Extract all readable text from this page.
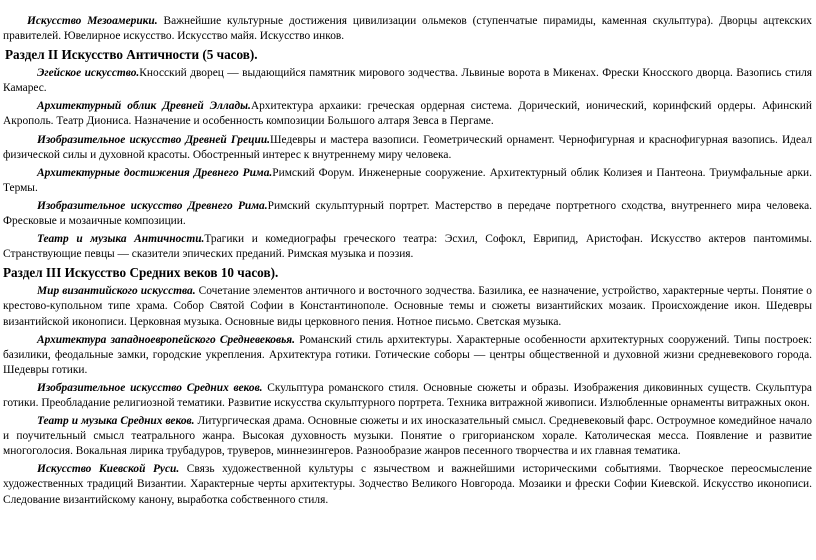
Искусство Мезоамерики. Важнейшие культурные достижения цивилизации ольмеков (ступенчатые пирамиды, каменная скульптура). Дворцы ацтекских правителей. Ювелирное искусство. Искусство майя. Искусство инков.

Раздел II Искусство Античности (5 часов).

Эгейское искусство.Кносский дворец — выдающийся памятник мирового зодчества. Львиные ворота в Микенах. Фрески Кносского дворца. Вазопись стиля Камарес.

Архитектурный облик Древней Эллады.Архитектура архаики: греческая ордерная система. Дорический, ионический, коринфский ордеры. Афинский Акрополь. Театр Диониса. Назначение и особенность композиции Большого алтаря Зевса в Пергаме.

Изобразительное искусство Древней Греции.Шедевры и мастера вазописи. Геометрический орнамент. Чернофигурная и краснофигурная вазопись. Идеал физической силы и духовной красоты. Обостренный интерес к внутреннему миру человека.

Архитектурные достижения Древнего Рима.Римский Форум. Инженерные сооружение. Архитектурный облик Колизея и Пантеона. Триумфальные арки. Термы.

Изобразительное искусство Древнего Рима.Римский скульптурный портрет. Мастерство в передаче портретного сходства, внутреннего мира человека. Фресковые и мозаичные композиции.

Театр и музыка Античности.Трагики и комедиографы греческого театра: Эсхил, Софокл, Еврипид, Аристофан. Искусство актеров пантомимы. Странствующие певцы — сказители эпических преданий. Римская музыка и поэзия.

Раздел III Искусство Средних веков 10 часов).

Мир византийского искусства. Сочетание элементов античного и восточного зодчества. Базилика, ее назначение, устройство, характерные черты. Понятие о крестово-купольном типе храма. Собор Святой Софии в Константинополе. Основные темы и сюжеты византийских мозаик. Происхождение икон. Шедевры византийской иконописи. Церковная музыка. Основные виды церковного пения. Нотное письмо. Светская музыка.

Архитектура западноевропейского Средневековья. Романский стиль архитектуры. Характерные особенности архитектурных сооружений. Типы построек: базилики, феодальные замки, городские укрепления. Архитектура готики. Готические соборы — центры общественной и духовной жизни средневекового города. Шедевры готики.

Изобразительное искусство Средних веков. Скульптура романского стиля. Основные сюжеты и образы. Изображения диковинных существ. Скульптура готики. Преобладание религиозной тематики. Развитие искусства скульптурного портрета. Техника витражной живописи. Излюбленные орнаменты витражных окон.

Театр и музыка Средних веков. Литургическая драма. Основные сюжеты и их иносказательный смысл. Средневековый фарс. Остроумное комедийное начало и поучительный смысл театрального жанра. Высокая духовность музыки. Понятие о григорианском хорале. Католическая месса. Появление и развитие многоголосия. Вокальная лирика трубадуров, труверов, миннезингеров. Разнообразие жанров песенного творчества и их главная тематика.

Искусство Киевской Руси. Связь художественной культуры с язычеством и важнейшими историческими событиями. Творческое переосмысление художественных традиций Византии. Характерные черты архитектуры. Зодчество Великого Новгорода. Мозаики и фрески Софии Киевской. Искусство иконописи. Следование византийскому канону, выработка собственного стиля.
